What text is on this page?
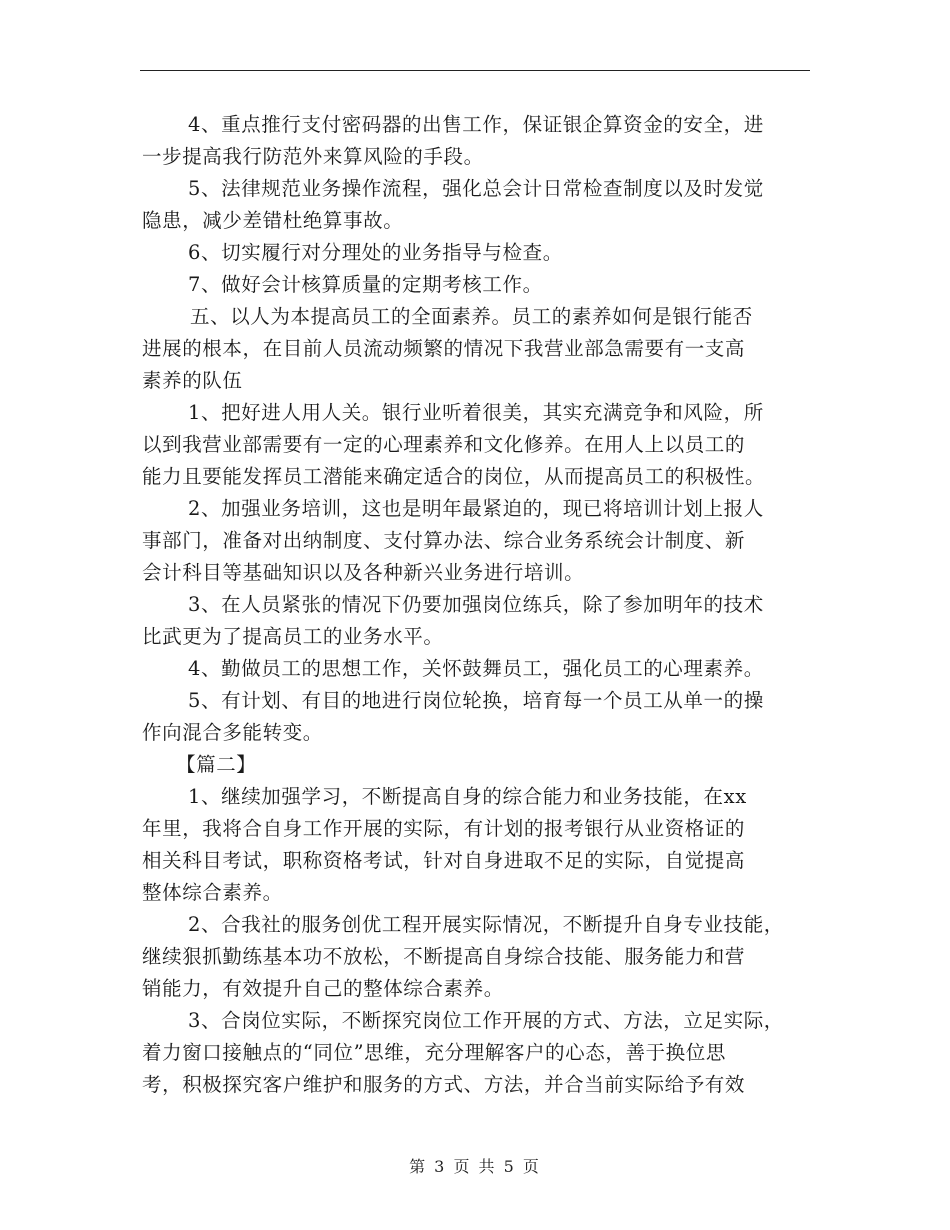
4、重点推行支付密码器的出售工作，保证银企算资金的安全，进
一步提高我行防范外来算风险的手段。
5、法律规范业务操作流程，强化总会计日常检查制度以及时发觉
隐患，减少差错杜绝算事故。
6、切实履行对分理处的业务指导与检查。
7、做好会计核算质量的定期考核工作。
五、以人为本提高员工的全面素养。员工的素养如何是银行能否
进展的根本，在目前人员流动频繁的情况下我营业部急需要有一支高
素养的队伍
1、把好进人用人关。银行业听着很美，其实充满竞争和风险，所
以到我营业部需要有一定的心理素养和文化修养。在用人上以员工的
能力且要能发挥员工潜能来确定适合的岗位，从而提高员工的积极性。
2、加强业务培训，这也是明年最紧迫的，现已将培训计划上报人
事部门，准备对出纳制度、支付算办法、综合业务系统会计制度、新
会计科目等基础知识以及各种新兴业务进行培训。
3、在人员紧张的情况下仍要加强岗位练兵，除了参加明年的技术
比武更为了提高员工的业务水平。
4、勤做员工的思想工作，关怀鼓舞员工，强化员工的心理素养。
5、有计划、有目的地进行岗位轮换，培育每一个员工从单一的操
作向混合多能转变。
【篇二】
1、继续加强学习，不断提高自身的综合能力和业务技能，在xx
年里，我将合自身工作开展的实际，有计划的报考银行从业资格证的
相关科目考试，职称资格考试，针对自身进取不足的实际，自觉提高
整体综合素养。
2、合我社的服务创优工程开展实际情况，不断提升自身专业技能，
继续狠抓勤练基本功不放松，不断提高自身综合技能、服务能力和营
销能力，有效提升自己的整体综合素养。
3、合岗位实际，不断探究岗位工作开展的方式、方法，立足实际，
着力窗口接触点的“同位”思维，充分理解客户的心态，善于换位思
考，积极探究客户维护和服务的方式、方法，并合当前实际给予有效
第 3 页 共 5 页
